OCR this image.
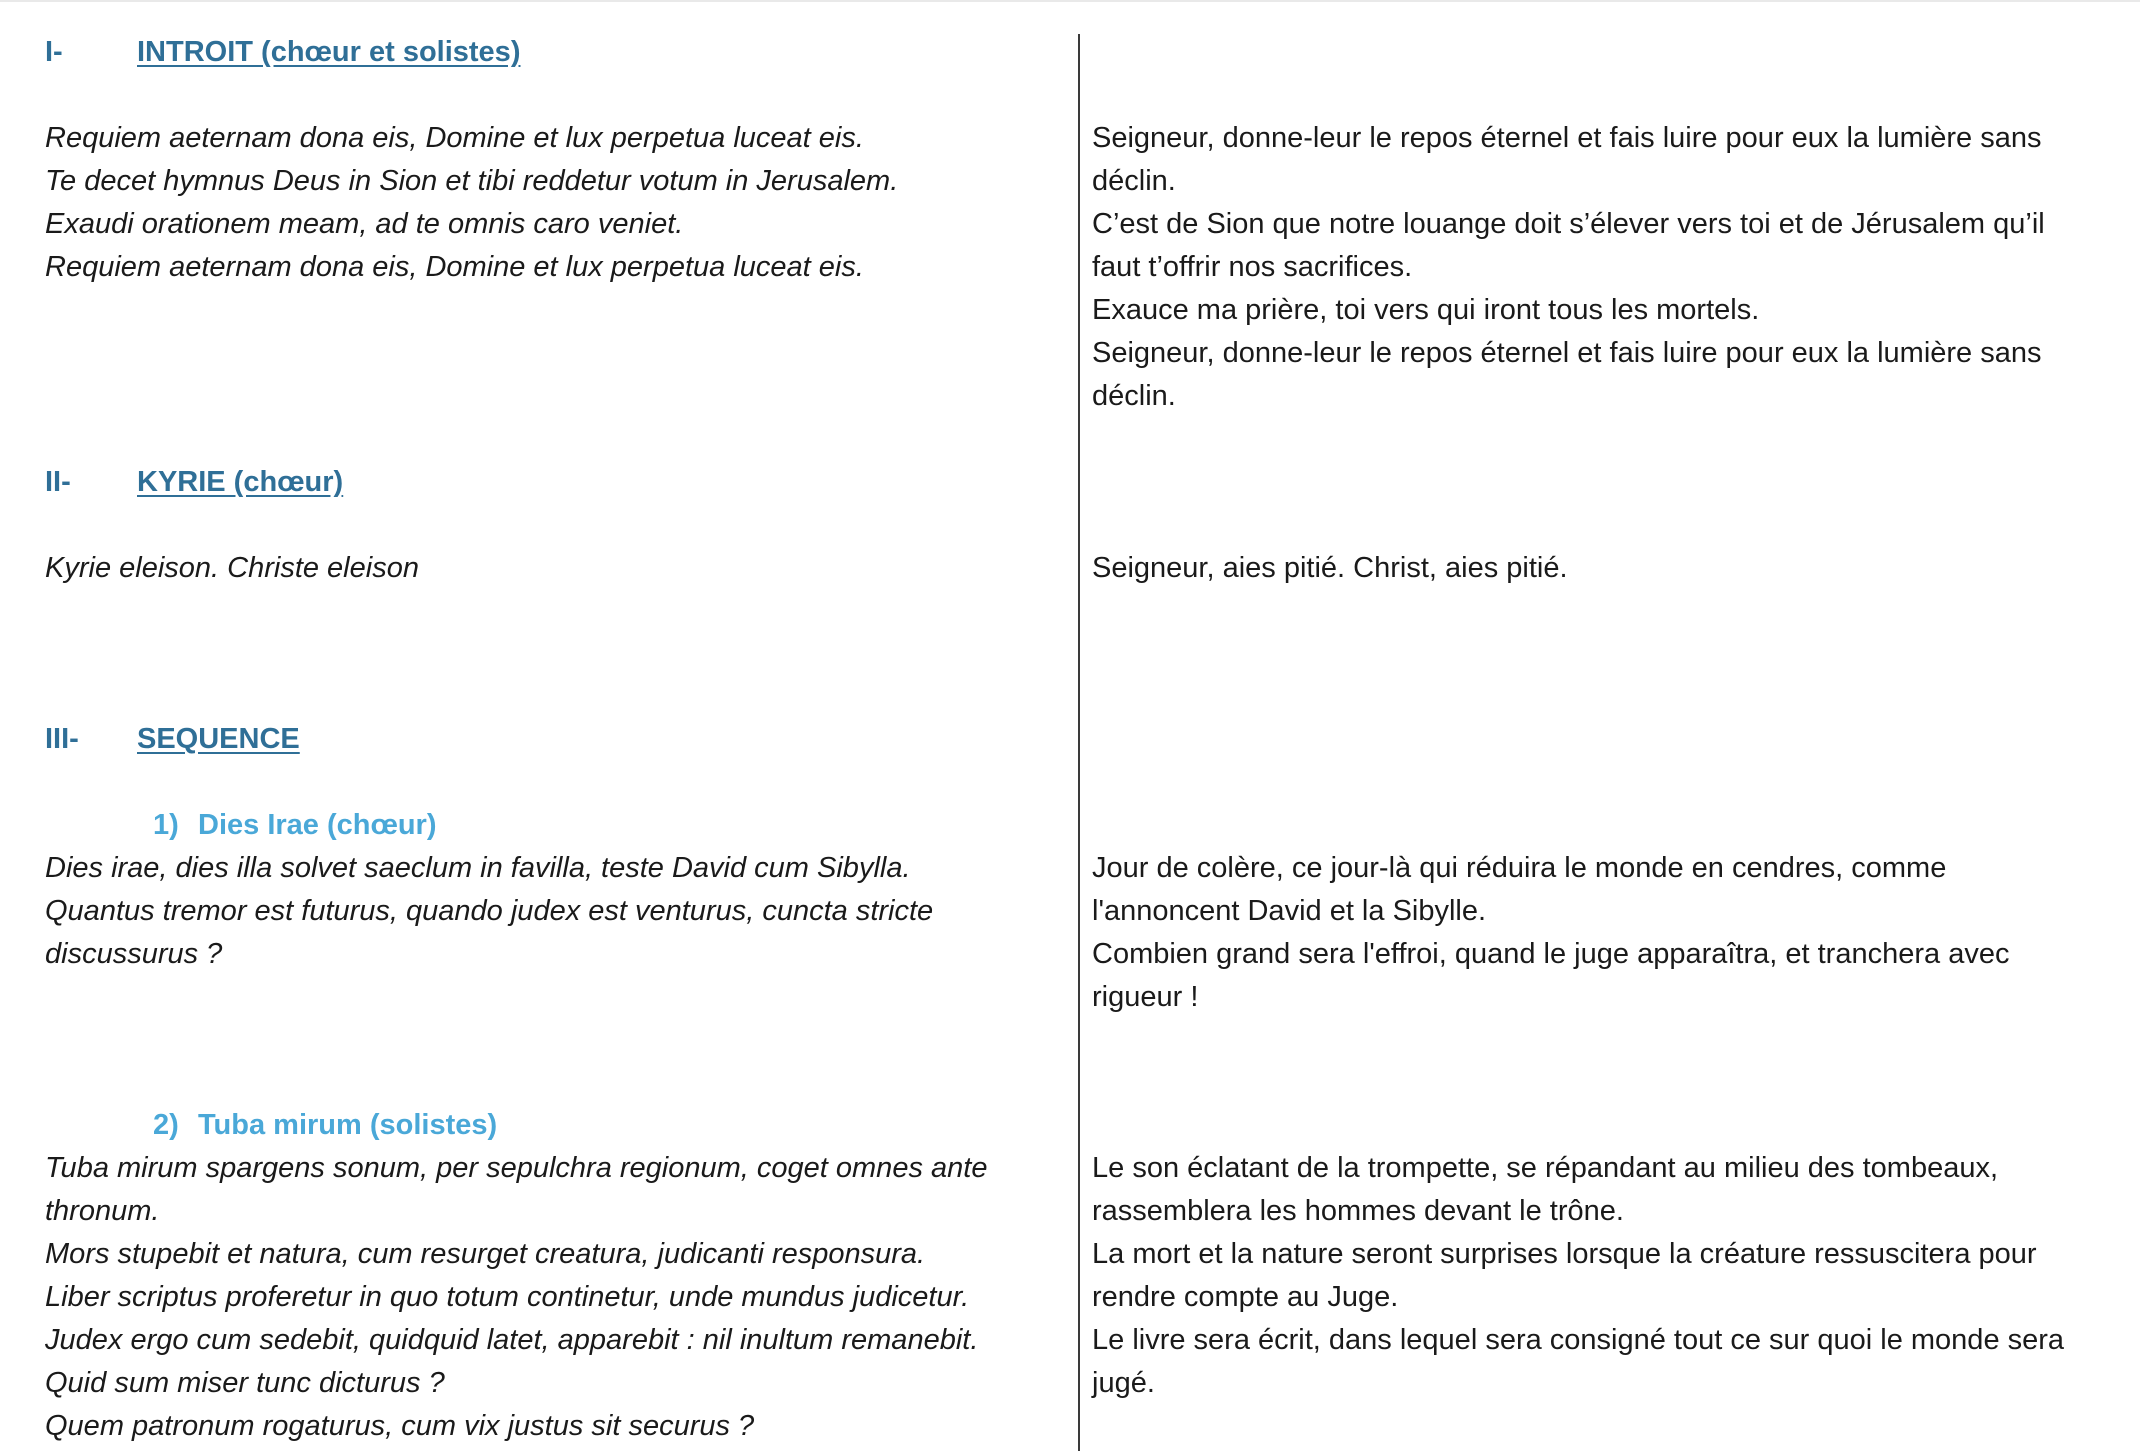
I-	INTROIT (chœur et solistes)
Requiem aeternam dona eis, Domine et lux perpetua luceat eis.
Te decet hymnus Deus in Sion et tibi reddetur votum in Jerusalem.
Exaudi orationem meam, ad te omnis caro veniet.
Requiem aeternam dona eis, Domine et lux perpetua luceat eis.
Seigneur, donne-leur le repos éternel et fais luire pour eux la lumière sans
déclin.
C’est de Sion que notre louange doit s’élever vers toi et de Jérusalem qu’il
faut t’offrir nos sacrifices.
Exauce ma prière, toi vers qui iront tous les mortels.
Seigneur, donne-leur le repos éternel et fais luire pour eux la lumière sans
déclin.
II- KYRIE (chœur)
Kyrie eleison. Christe eleison	Seigneur, aies pitié. Christ, aies pitié.
III- SEQUENCE
1) Dies Irae (chœur)
Dies irae, dies illa solvet saeclum in favilla, teste David cum Sibylla.
Quantus tremor est futurus, quando judex est venturus, cuncta stricte
discussurus ?
Jour de colère, ce jour-là qui réduira le monde en cendres, comme
l'annoncent David et la Sibylle.
Combien grand sera l'effroi, quand le juge apparaîtra, et tranchera avec
rigueur !
2) Tuba mirum (solistes)
Tuba mirum spargens sonum, per sepulchra regionum, coget omnes ante
thronum.
Mors stupebit et natura, cum resurget creatura, judicanti responsura.
Liber scriptus proferetur in quo totum continetur, unde mundus judicetur.
Judex ergo cum sedebit, quidquid latet, apparebit : nil inultum remanebit.
Quid sum miser tunc dicturus ?
Quem patronum rogaturus, cum vix justus sit securus ?
Le son éclatant de la trompette, se répandant au milieu des tombeaux,
rassemblera les hommes devant le trône.
La mort et la nature seront surprises lorsque la créature ressuscitera pour
rendre compte au Juge.
Le livre sera écrit, dans lequel sera consigné tout ce sur quoi le monde sera
jugé.
